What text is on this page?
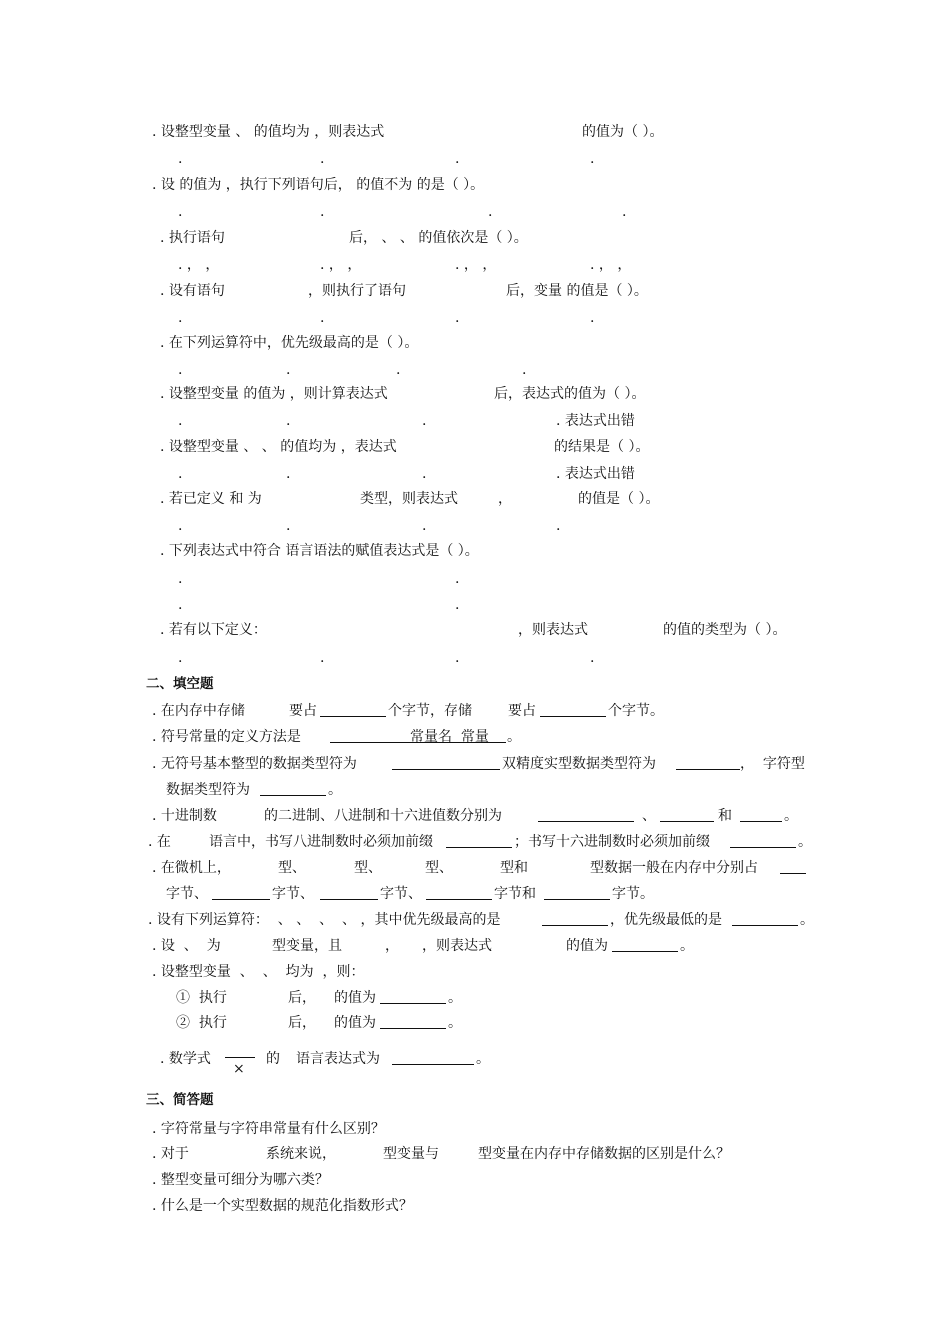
. 设整型变量 、 的值均为 ，则表达式	的值为（ ）。
.	.	.	.
. 设 的值为 ，执行下列语句后， 的值不为 的是（ ）。
.	.	.	.
. 执行语句	后， 、 、 的值依次是（ ）。
. ， ，	. ， ，	. ， ，	. ， ，
. 设有语句	，则执行了语句	后，变量 的值是（ ）。
.	.	.	.
. 在下列运算符中，优先级最高的是（ ）。
.	.	.	.
. 设整型变量 的值为 ，则计算表达式	后，表达式的值为（ ）。
.	.	.	. 表达式出错
. 设整型变量 、 、 的值均为 ，表达式	的结果是（ ）。
.	.	.	. 表达式出错
. 若已定义 和 为	类型，则表达式	，	的值是（ ）。
.	.	.	.
. 下列表达式中符合 语言语法的赋值表达式是（ ）。
.	.
.	.
. 若有以下定义：	，则表达式	的值的类型为（ ）。
.	.	.	.
二、填空题
. 在内存中存储	要占	个字节，存储	要占	个字节。
. 符号常量的定义方法是	常量名  常量 。
. 无符号基本整型的数据类型符为	双精度实型数据类型符为	，  字符型
数据类型符为	。
. 十进制数	的二进制、八进制和十六进值数分别为	、	和	。
. 在	语言中，书写八进制数时必须加前缀	；书写十六进制数时必须加前缀	。
. 在微机上，	型、	型、	型、	型和	型数据一般在内存中分别占
字节、	字节、	字节、	字节和	字节。
. 设有下列运算符：  、 、  、  、 ，其中优先级最高的是	，优先级最低的是	。
. 设  、  为	型变量，且	， ，则表达式	的值为	。
. 设整型变量  、  、  均为  ，则：
①  执行	后， 的值为	。
②  执行	后， 的值为	。
. 数学式
×
的 语言表达式为	。
三、简答题
. 字符常量与字符串常量有什么区别？
. 对于	系统来说，	型变量与	型变量在内存中存储数据的区别是什么？
. 整型变量可细分为哪六类？
. 什么是一个实型数据的规范化指数形式？
